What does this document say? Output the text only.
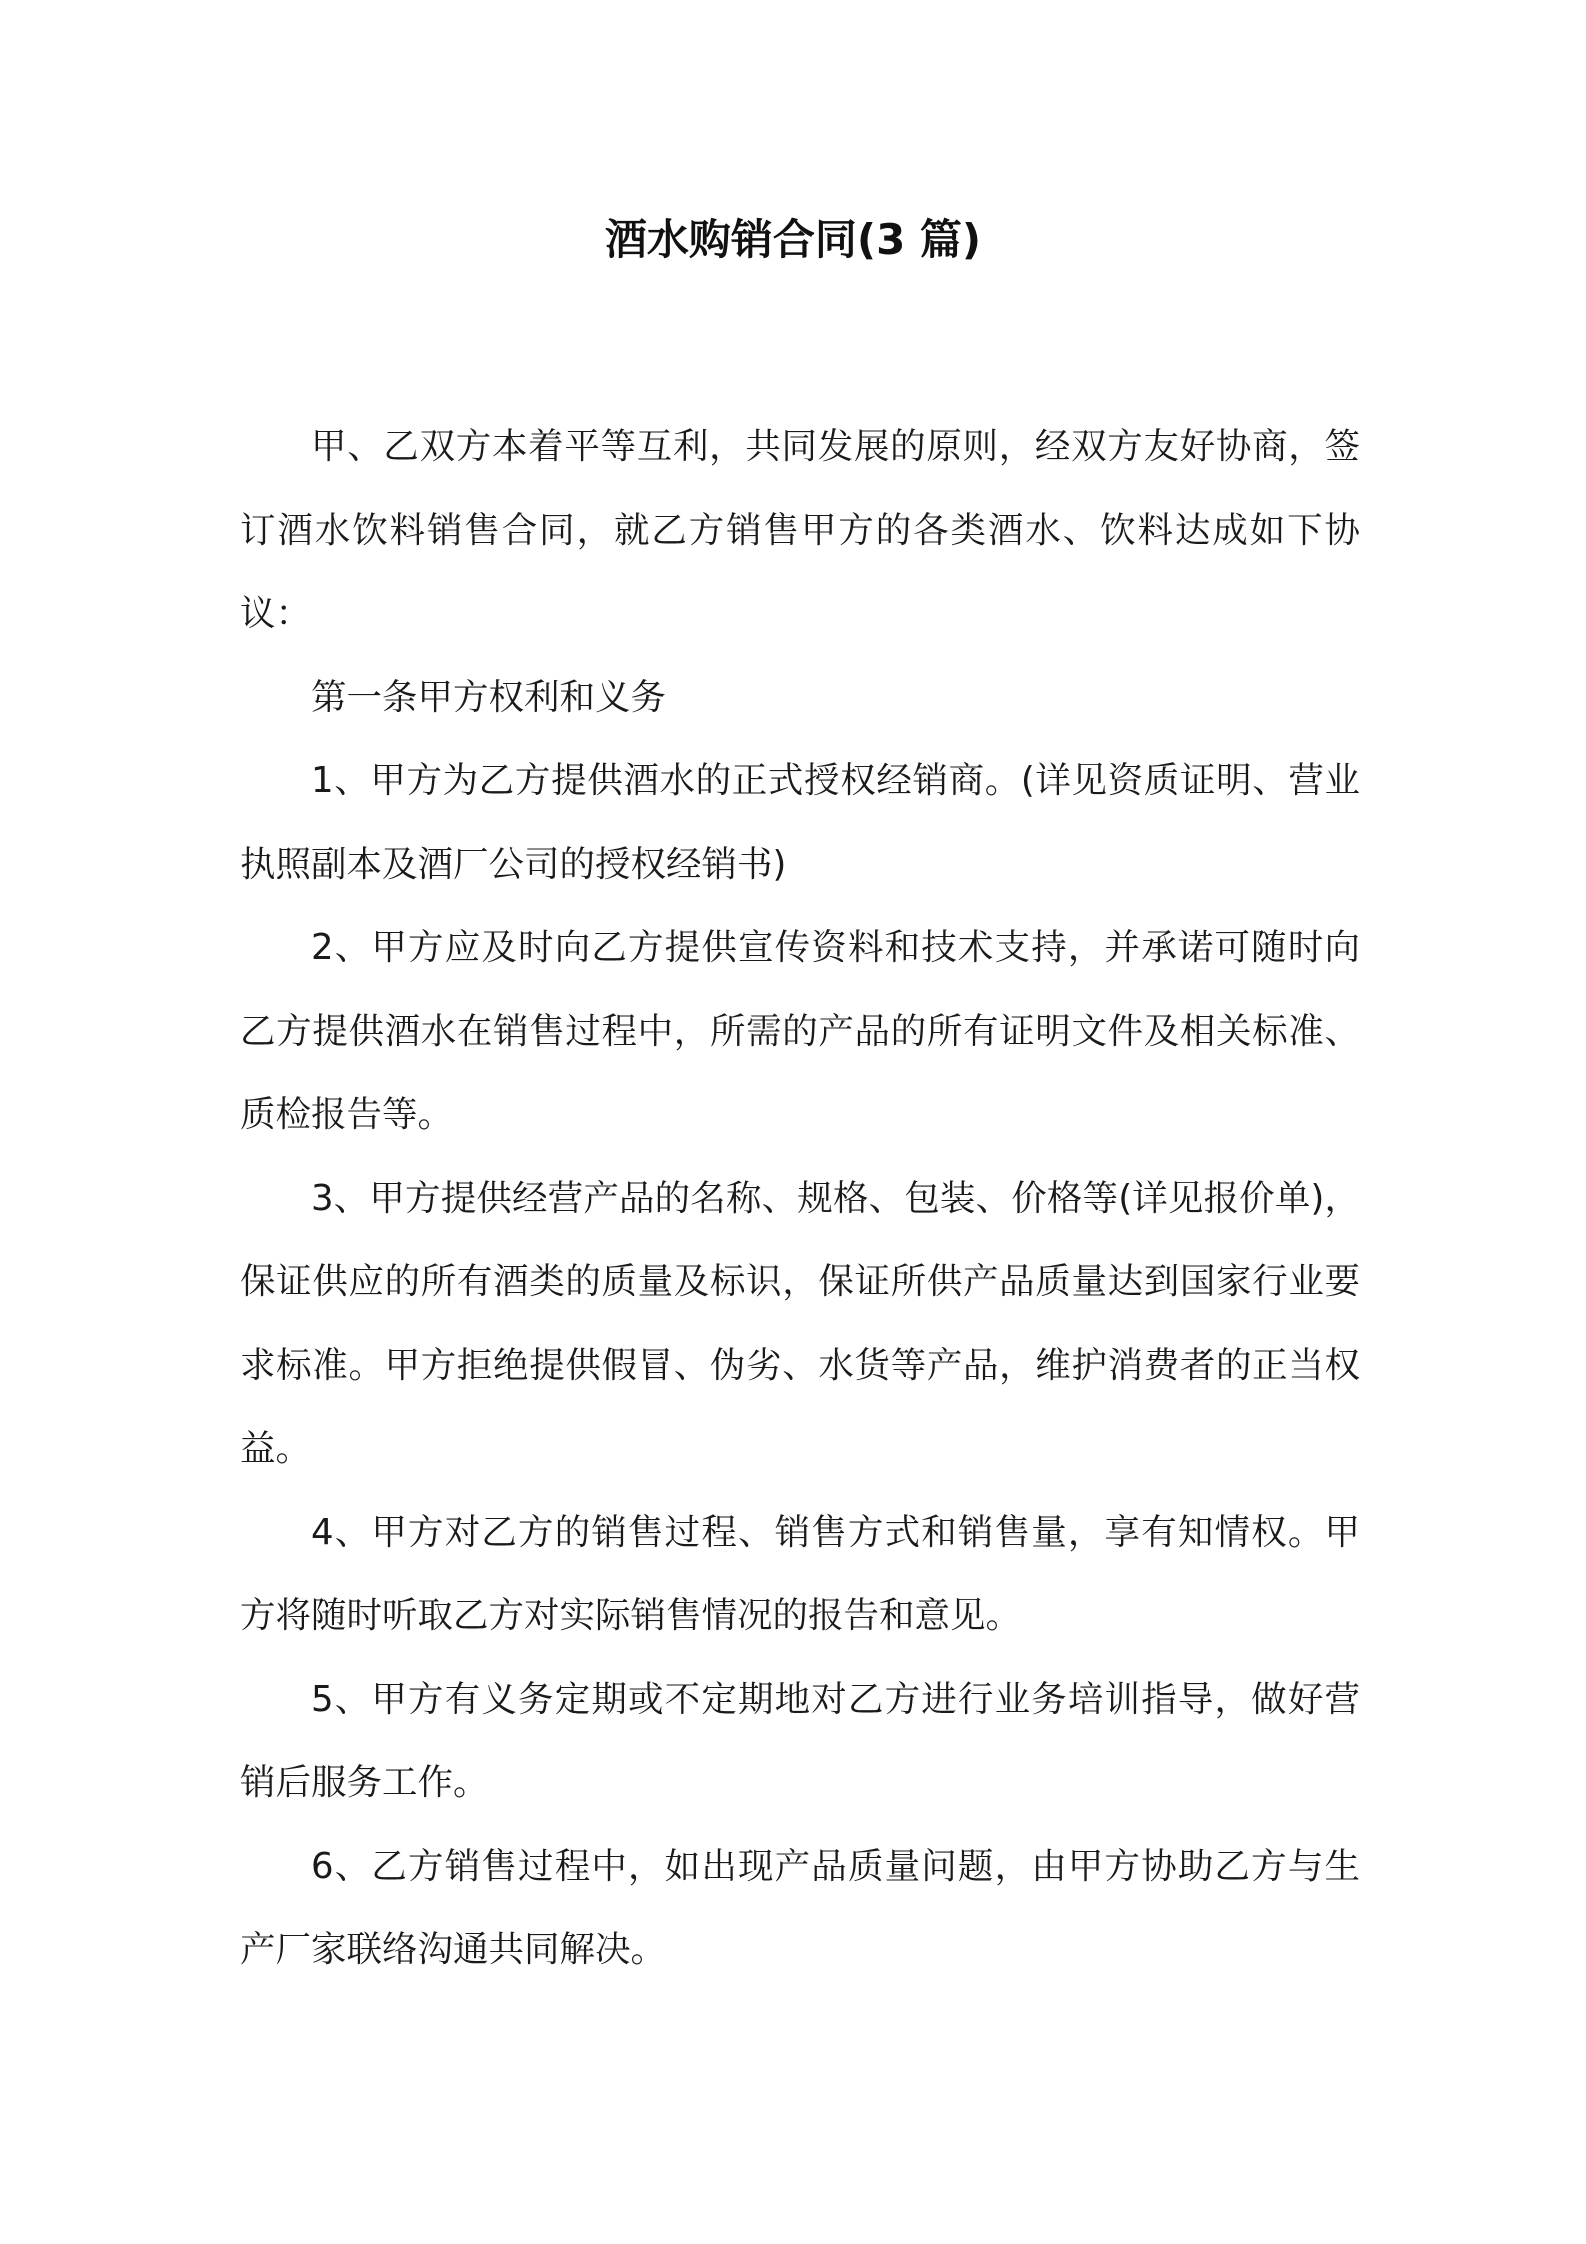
酒水购销合同(3 篇)

甲、乙双方本着平等互利，共同发展的原则，经双方友好协商，签订酒水饮料销售合同，就乙方销售甲方的各类酒水、饮料达成如下协议：

第一条甲方权利和义务

1、甲方为乙方提供酒水的正式授权经销商。(详见资质证明、营业执照副本及酒厂公司的授权经销书)

2、甲方应及时向乙方提供宣传资料和技术支持，并承诺可随时向乙方提供酒水在销售过程中，所需的产品的所有证明文件及相关标准、质检报告等。

3、甲方提供经营产品的名称、规格、包装、价格等(详见报价单)，保证供应的所有酒类的质量及标识，保证所供产品质量达到国家行业要求标准。甲方拒绝提供假冒、伪劣、水货等产品，维护消费者的正当权益。

4、甲方对乙方的销售过程、销售方式和销售量，享有知情权。甲方将随时听取乙方对实际销售情况的报告和意见。

5、甲方有义务定期或不定期地对乙方进行业务培训指导，做好营销后服务工作。

6、乙方销售过程中，如出现产品质量问题，由甲方协助乙方与生产厂家联络沟通共同解决。
